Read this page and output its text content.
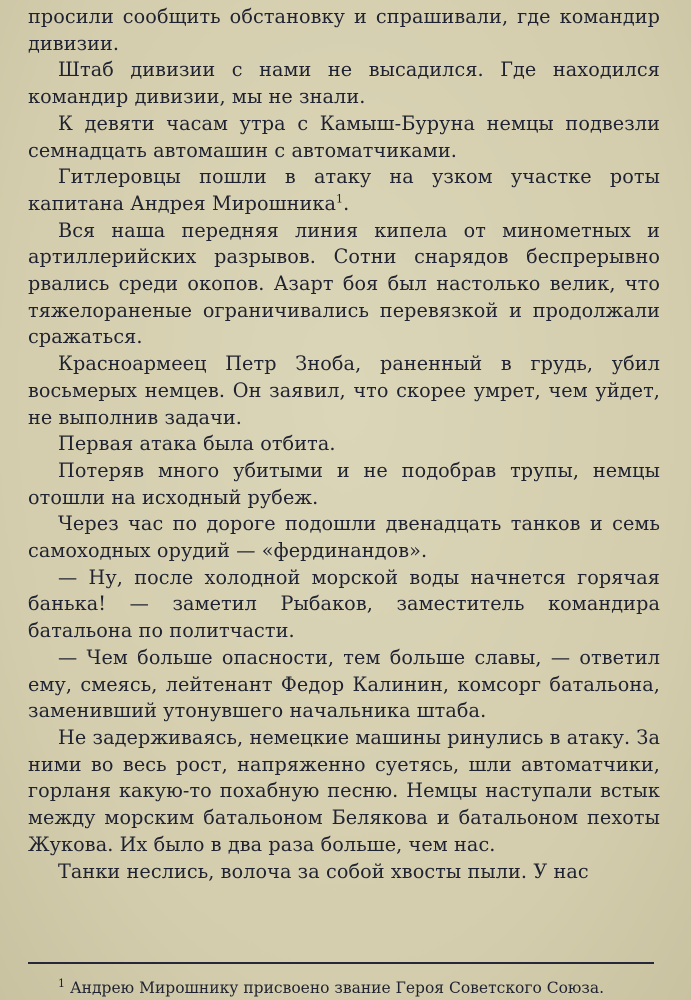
просили сообщить обстановку и спрашивали, где командир дивизии.

Штаб дивизии с нами не высадился. Где находился командир дивизии, мы не знали.

К девяти часам утра с Камыш-Буруна немцы подвезли семнадцать автомашин с автоматчиками.

Гитлеровцы пошли в атаку на узком участке роты капитана Андрея Мирошника$^1$.

Вся наша передняя линия кипела от минометных и артиллерийских разрывов. Сотни снарядов беспрерывно рвались среди окопов. Азарт боя был настолько велик, что тяжелораненые ограничивались перевязкой и продолжали сражаться.

Красноармеец Петр Зноба, раненный в грудь, убил восьмерых немцев. Он заявил, что скорее умрет, чем уйдет, не выполнив задачи.

Первая атака была отбита.

Потеряв много убитыми и не подобрав трупы, немцы отошли на исходный рубеж.

Через час по дороге подошли двенадцать танков и семь самоходных орудий — «фердинандов».

— Ну, после холодной морской воды начнется горячая банька! — заметил Рыбаков, заместитель командира батальона по политчасти.

— Чем больше опасности, тем больше славы, — ответил ему, смеясь, лейтенант Федор Калинин, комсорг батальона, заменивший утонувшего начальника штаба.

Не задерживаясь, немецкие машины ринулись в атаку. За ними во весь рост, напряженно суетясь, шли автоматчики, горланя какую-то похабную песню. Немцы наступали встык между морским батальоном Белякова и батальоном пехоты Жукова. Их было в два раза больше, чем нас.

Танки неслись, волоча за собой хвосты пыли. У нас

$^1$ Андрею Мирошнику присвоено звание Героя Советского Союза.
